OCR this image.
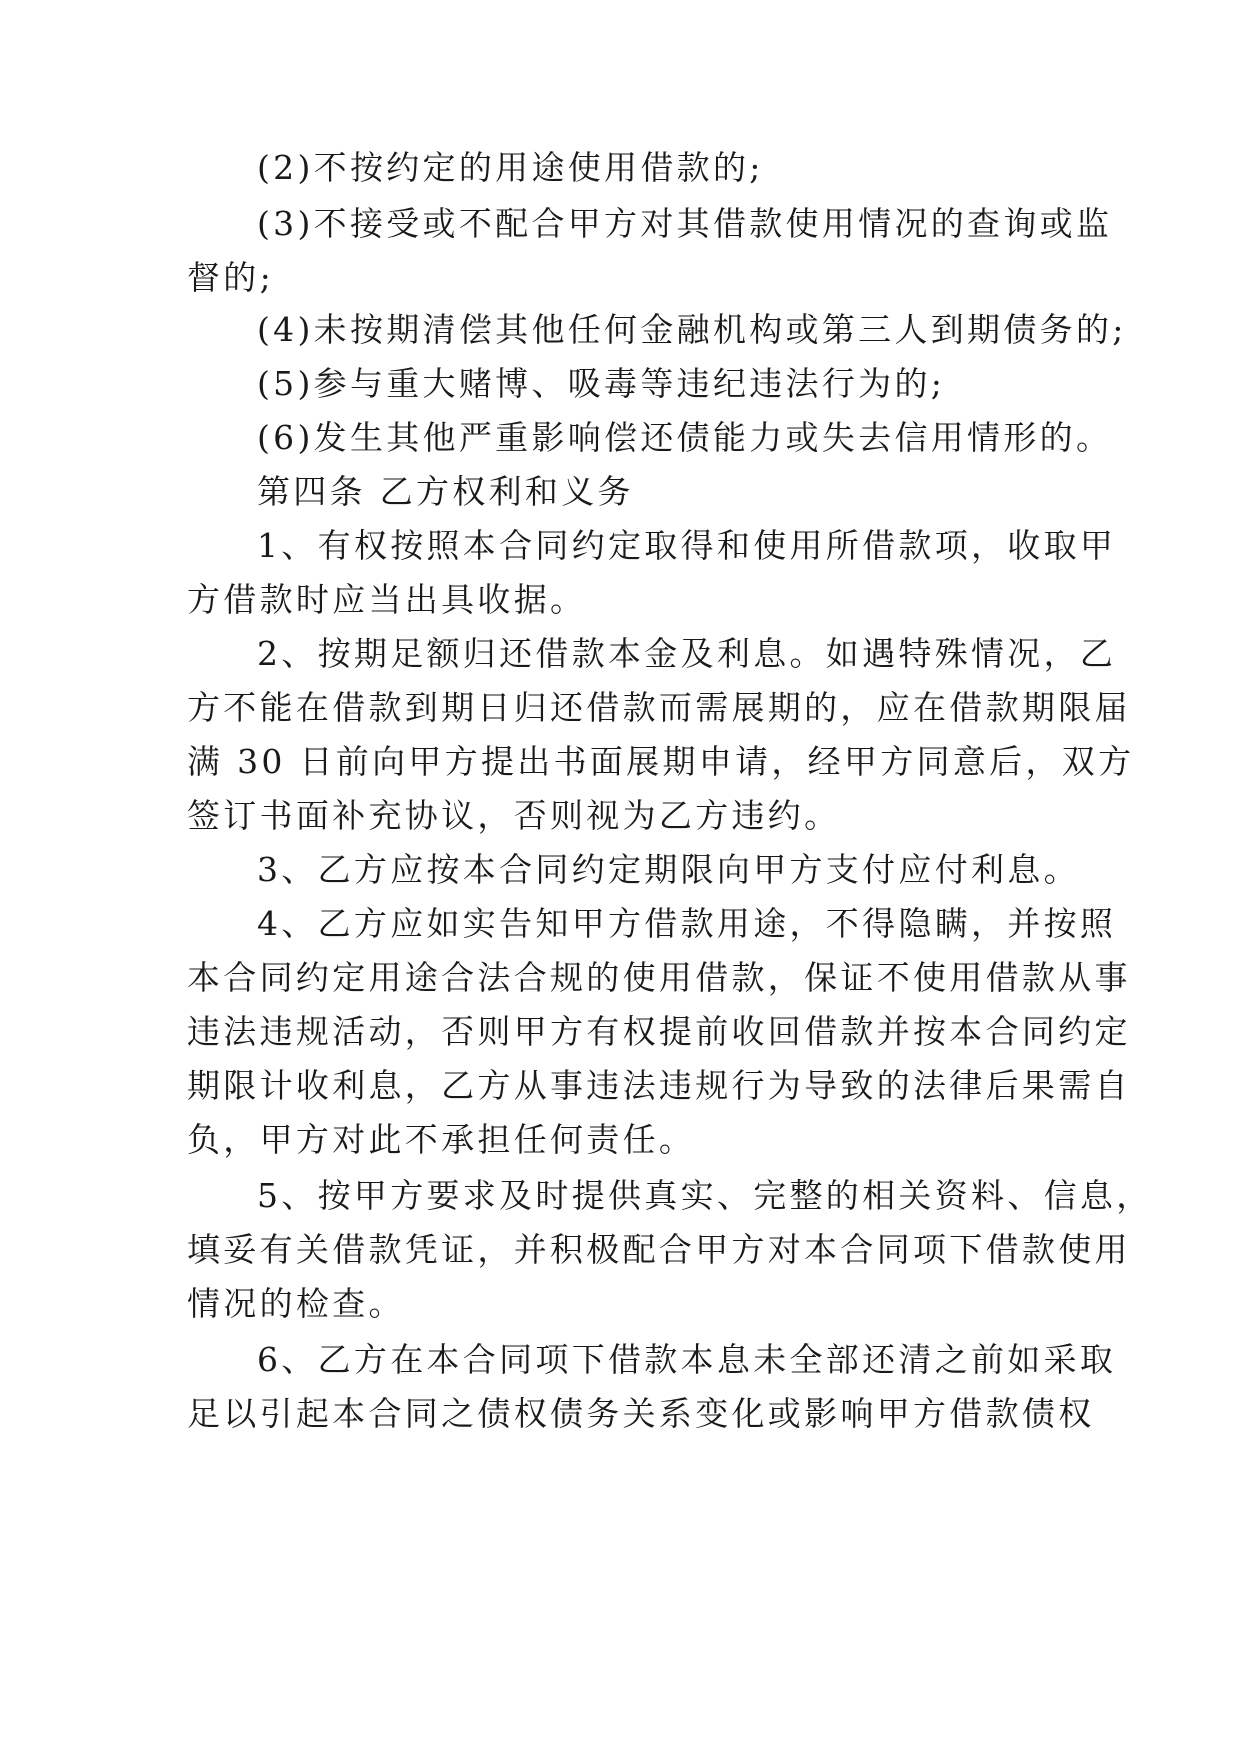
(2)不按约定的用途使用借款的;
(3)不接受或不配合甲方对其借款使用情况的查询或监
督的;
(4)未按期清偿其他任何金融机构或第三人到期债务的;
(5)参与重大赌博、吸毒等违纪违法行为的;
(6)发生其他严重影响偿还债能力或失去信用情形的。
第四条 乙方权利和义务
1、有权按照本合同约定取得和使用所借款项，收取甲
方借款时应当出具收据。
2、按期足额归还借款本金及利息。如遇特殊情况，乙
方不能在借款到期日归还借款而需展期的，应在借款期限届
满 30 日前向甲方提出书面展期申请，经甲方同意后，双方
签订书面补充协议，否则视为乙方违约。
3、乙方应按本合同约定期限向甲方支付应付利息。
4、乙方应如实告知甲方借款用途，不得隐瞒，并按照
本合同约定用途合法合规的使用借款，保证不使用借款从事
违法违规活动，否则甲方有权提前收回借款并按本合同约定
期限计收利息，乙方从事违法违规行为导致的法律后果需自
负，甲方对此不承担任何责任。
5、按甲方要求及时提供真实、完整的相关资料、信息，
填妥有关借款凭证，并积极配合甲方对本合同项下借款使用
情况的检查。
6、乙方在本合同项下借款本息未全部还清之前如采取
足以引起本合同之债权债务关系变化或影响甲方借款债权
